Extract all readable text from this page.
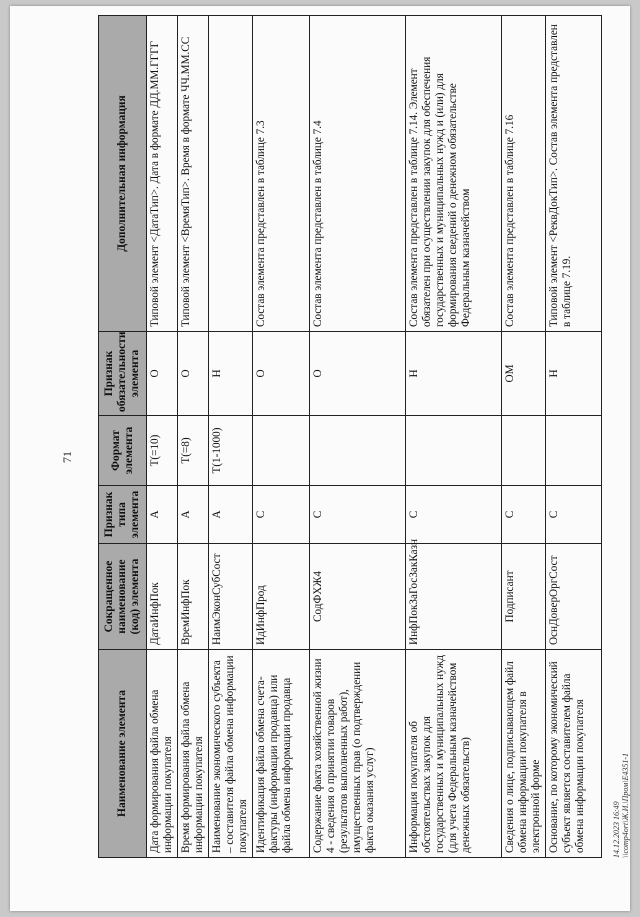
71
Наименование элемента	Сокращенное наименование (код) элемента	Признак типа элемента	Формат элемента	Признак обязательности элемента	Дополнительная информация
Дата формирования файла обмена информации покупателя	ДатаИнфПок	А	T(=10)	О	Типовой элемент <ДатаТип>. Дата в формате ДД.ММ.ГГГГ
Время формирования файла обмена информации покупателя	ВремИнфПок	А	T(=8)	О	Типовой элемент <ВремяТип>. Время в формате ЧЧ.ММ.СС
Наименование экономического субъекта – составителя файла обмена информации покупателя	НаимЭконСубСост	А	T(1-1000)	Н	
Идентификация файла обмена счета-фактуры (информации продавца) или файла обмена информации продавца	ИдИнфПрод	С		О	Состав элемента представлен в таблице 7.3
Содержание факта хозяйственной жизни 4 - сведения о принятии товаров (результатов выполненных работ), имущественных прав (о подтверждении факта оказания услуг)	СодФХЖ4	С		О	Состав элемента представлен в таблице 7.4
Информация покупателя об обстоятельствах закупок для государственных и муниципальных нужд (для учета Федеральным казначейством денежных обязательств)	ИнфПокЗаГосЗакКазн	С		Н	Состав элемента представлен в таблице 7.14. Элемент обязателен при осуществлении закупок для обеспечения государственных и муниципальных нужд и (или) для формирования сведений о денежном обязательстве Федеральным казначейством
Сведения о лице, подписывающем файл обмена информации покупателя в электронной форме	Подписант	С		ОМ	Состав элемента представлен в таблице 7.16
Основание, по которому экономический субъект является составителем файла обмена информации покупателя	ОснДоверОргСост	С		Н	Типовой элемент <РеквДокТип>. Состав элемента представлен в таблице 7.19.
14.12.2023 16:49 \\comp4ort\Ж.И.\Пром\Е4351-1
